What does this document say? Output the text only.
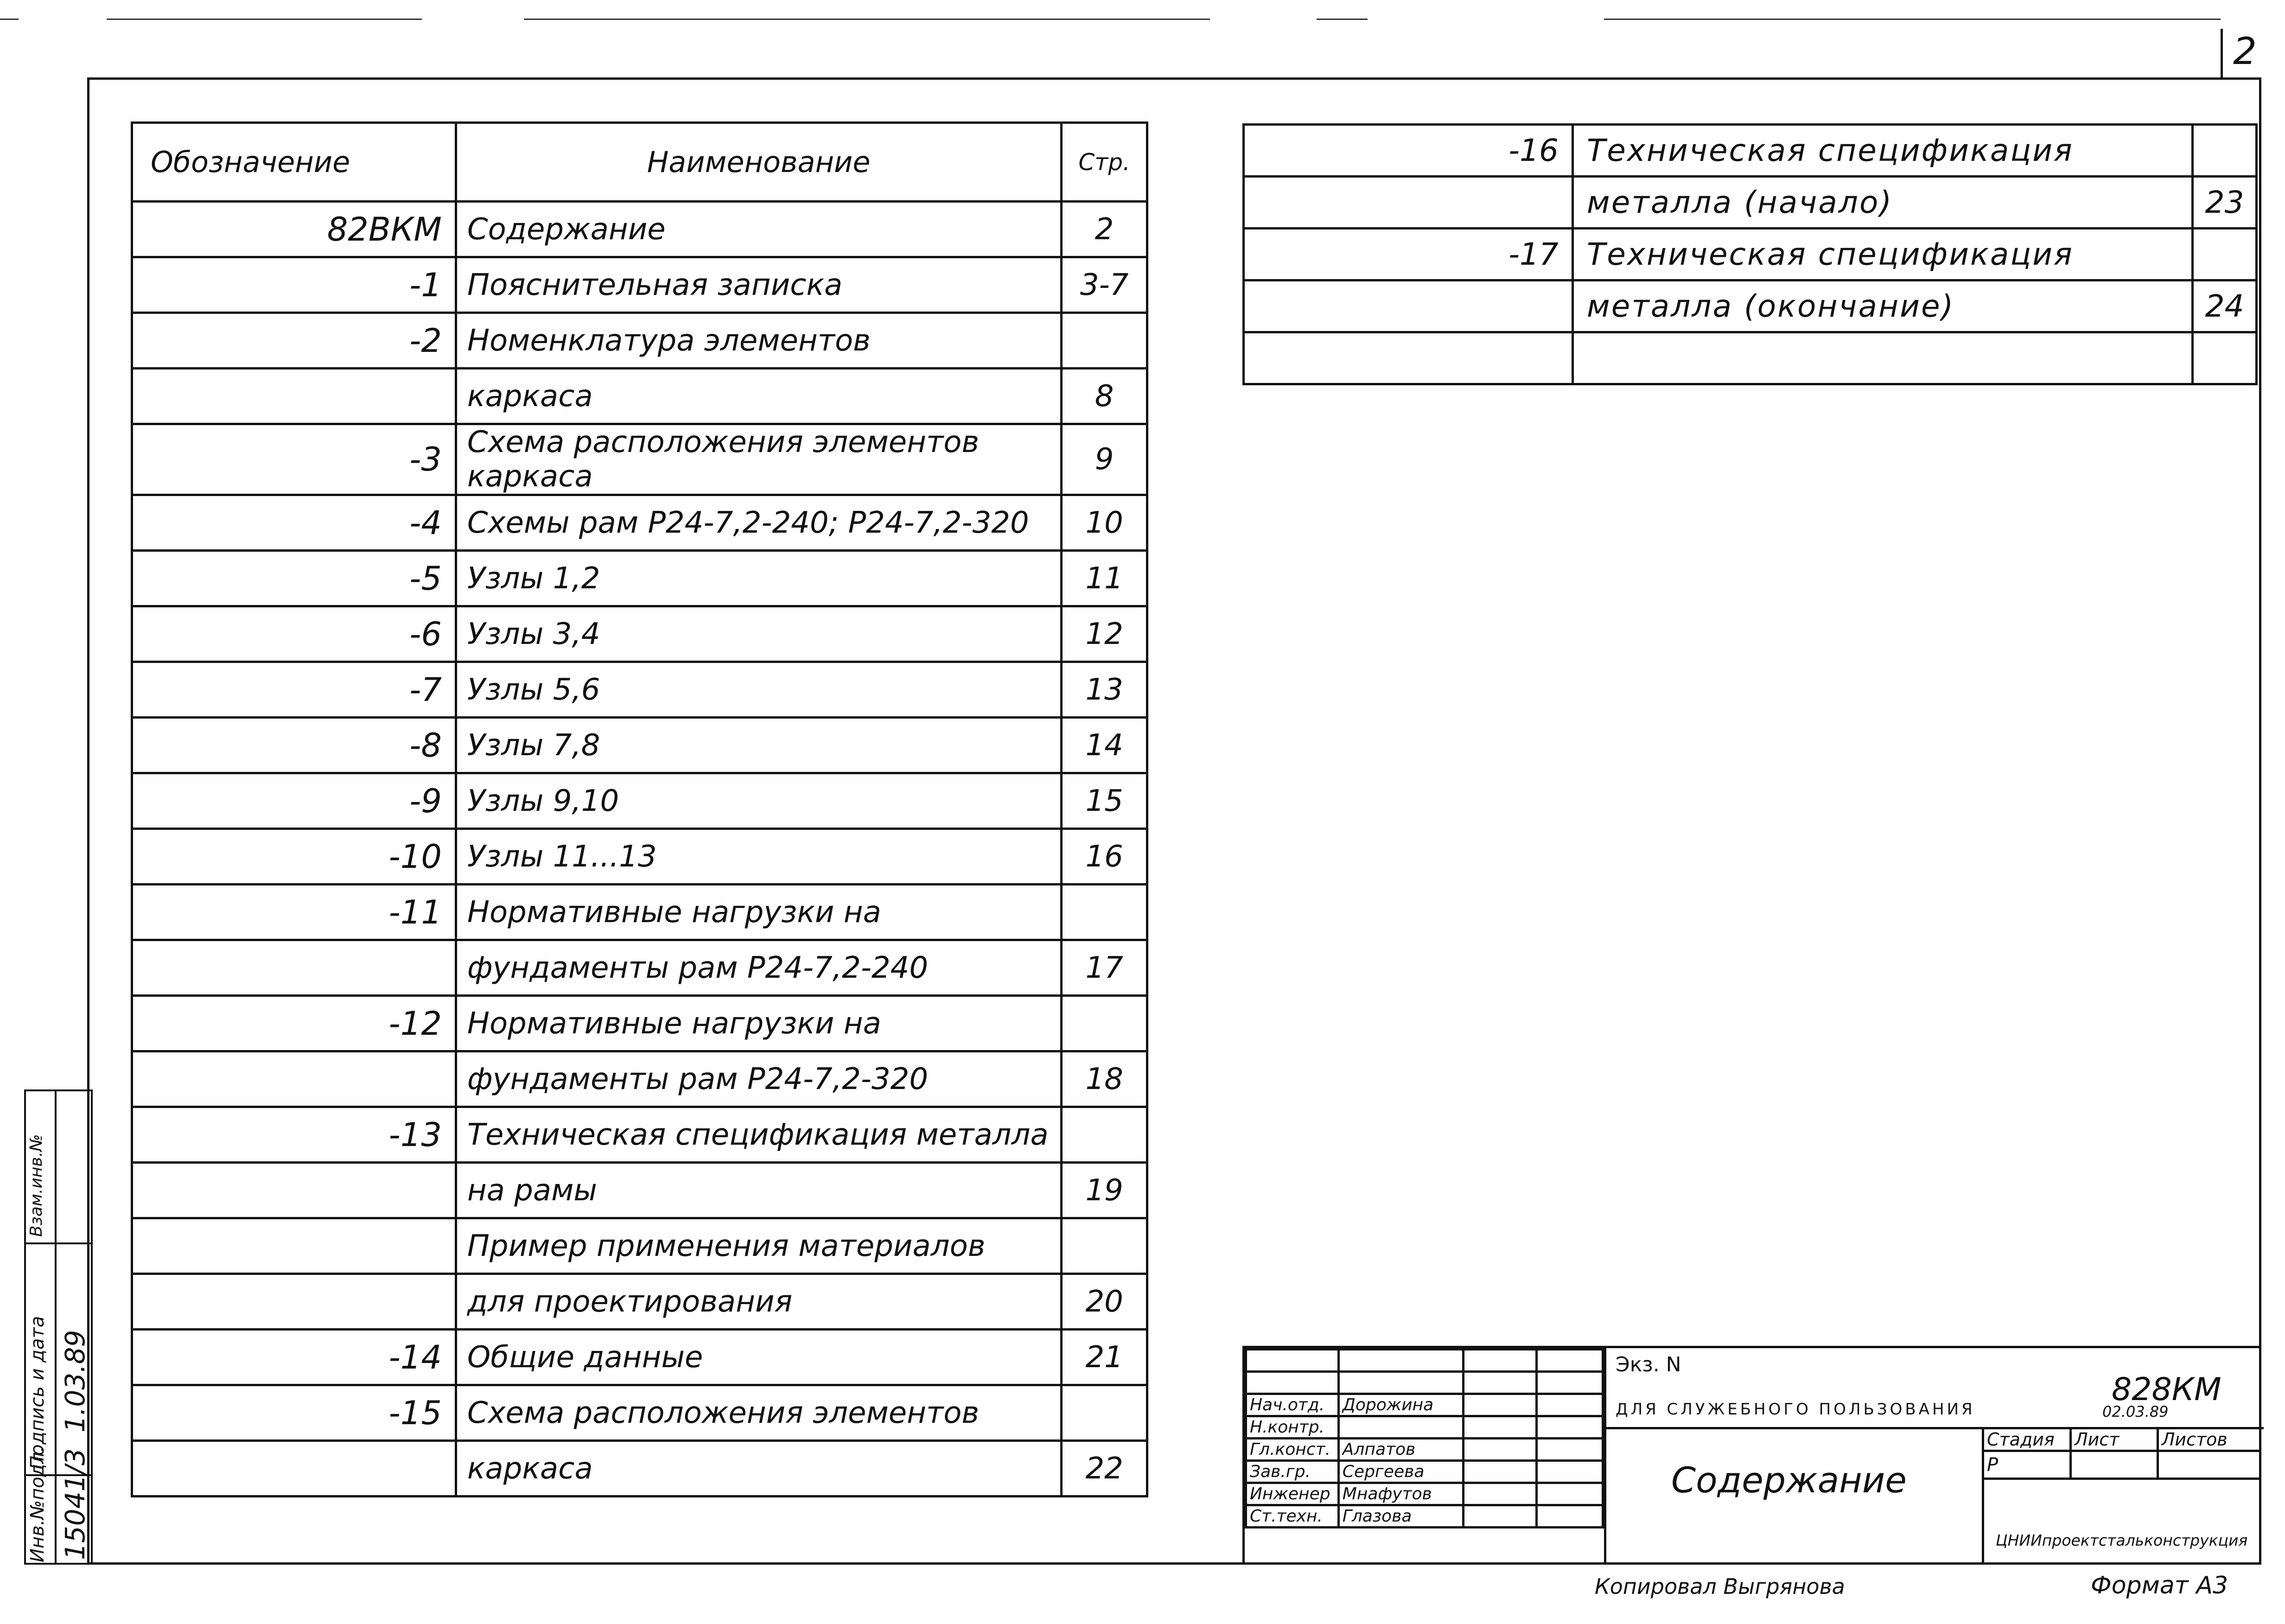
2
Обозначение	Наименование	Стр.
82ВКМ	Содержание	2
-1	Пояснительная записка	3-7
-2	Номенклатура элементов	
	каркаса	8
-3	Схема расположения элементов каркаса	9
-4	Схемы рам Р24-7,2-240; Р24-7,2-320	10
-5	Узлы 1,2	11
-6	Узлы 3,4	12
-7	Узлы 5,6	13
-8	Узлы 7,8	14
-9	Узлы 9,10	15
-10	Узлы 11...13	16
-11	Нормативные нагрузки на	
	фундаменты рам Р24-7,2-240	17
-12	Нормативные нагрузки на	
	фундаменты рам Р24-7,2-320	18
-13	Техническая спецификация металла	
	на рамы	19
	Пример применения материалов	
	для проектирования	20
-14	Общие данные	21
-15	Схема расположения элементов	
	каркаса	22
-16	Техническая спецификация	
	металла (начало)	23
-17	Техническая спецификация	
	металла (окончание)	24

Нач.отд.	Дорожина		
Н.контр.			
Гл.конст.	Алпатов		
Зав.гр.	Сергеева		
Инженер	Мнафутов		
Ст.техн.	Глазова		
Экз. N
ДЛЯ СЛУЖЕБНОГО ПОЛЬЗОВАНИЯ	02.03.89
828КМ
Содержание
Стадия	Лист	Листов
Р		
ЦНИИпроектстальконструкция
Инв.№подл. 15041/3
Подпись и дата 1.03.89
Взам.инв.№
Копировал Выгрянова	Формат А3
